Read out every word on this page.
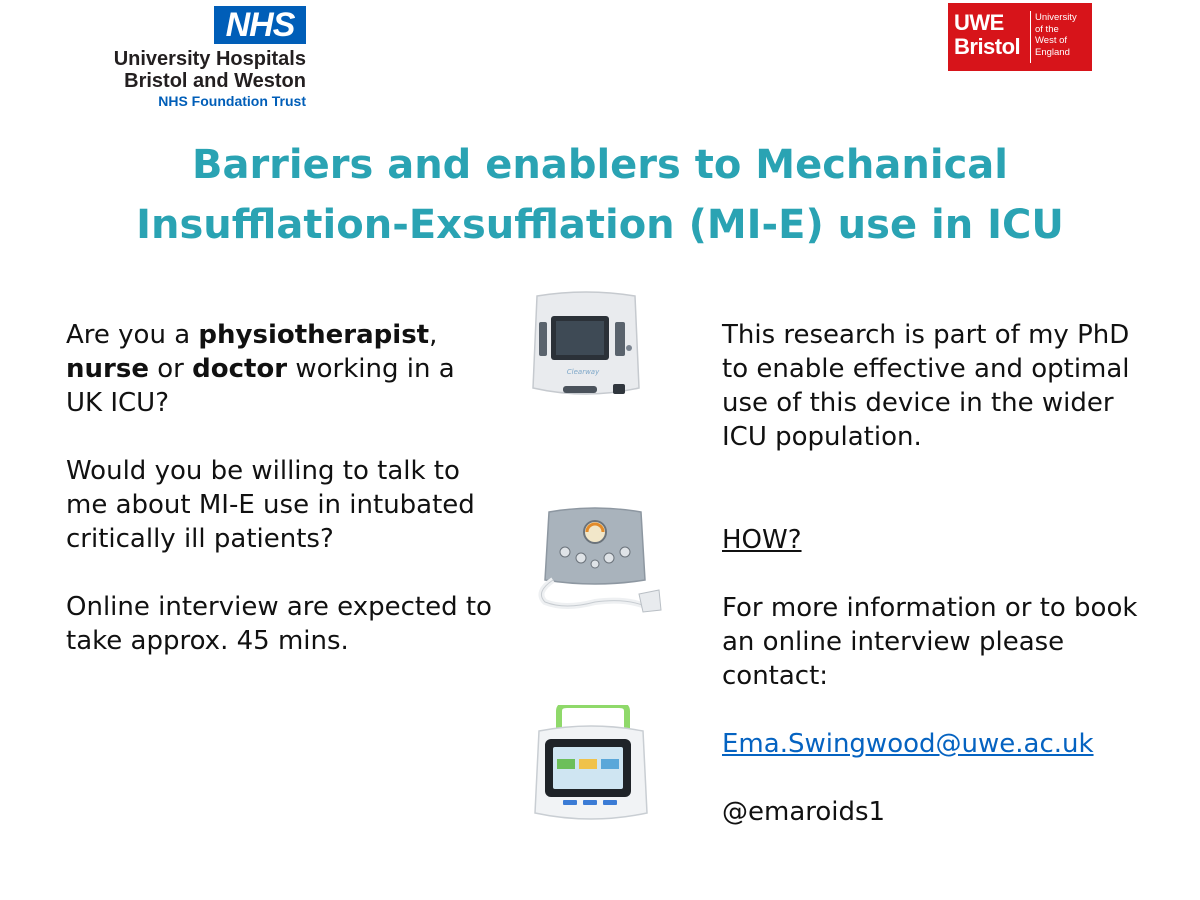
NHS
University Hospitals
Bristol and Weston
NHS Foundation Trust
UWE
Bristol
University
of the
West of
England
Barriers and enablers to Mechanical
Insufflation-Exsufflation (MI-E) use in ICU

Are you a physiotherapist, nurse or doctor working in a UK ICU?

Would you be willing to talk to me about MI-E use in intubated critically ill patients?

Online interview are expected to take approx. 45 mins.

Clearway

This research is part of my PhD to enable effective and optimal use of this device in the wider ICU population.

HOW?

For more information or to book an online interview please contact:

Ema.Swingwood@uwe.ac.uk

@emaroids1
